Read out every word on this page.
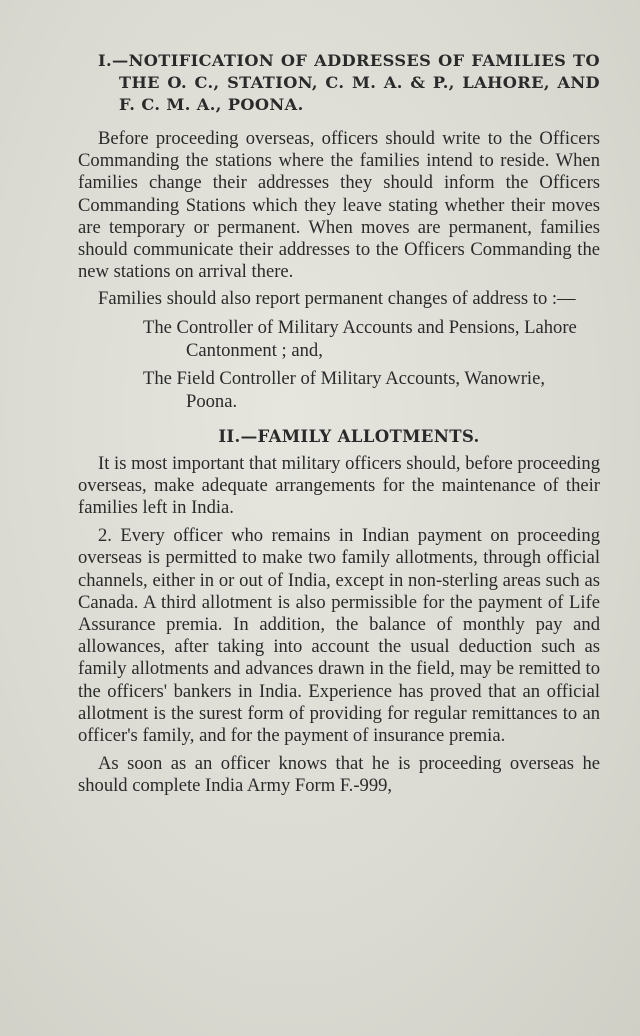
I.—NOTIFICATION OF ADDRESSES OF FAMILIES TO THE O. C., STATION, C. M. A. & P., LAHORE, AND F. C. M. A., POONA.

Before proceeding overseas, officers should write to the Officers Commanding the stations where the families intend to reside. When families change their addresses they should inform the Officers Commanding Stations which they leave stating whether their moves are temporary or permanent. When moves are permanent, families should communicate their addresses to the Officers Commanding the new stations on arrival there.

Families should also report permanent changes of address to :—

The Controller of Military Accounts and Pensions, Lahore Cantonment ; and,

The Field Controller of Military Accounts, Wanowrie, Poona.

II.—FAMILY ALLOTMENTS.

It is most important that military officers should, before proceeding overseas, make adequate arrangements for the maintenance of their families left in India.

2. Every officer who remains in Indian payment on proceeding overseas is permitted to make two family allotments, through official channels, either in or out of India, except in non-sterling areas such as Canada. A third allotment is also permissible for the payment of Life Assurance premia. In addition, the balance of monthly pay and allowances, after taking into account the usual deduction such as family allotments and advances drawn in the field, may be remitted to the officers' bankers in India. Experience has proved that an official allotment is the surest form of providing for regular remittances to an officer's family, and for the payment of insurance premia.

As soon as an officer knows that he is proceeding overseas he should complete India Army Form F.-999,
